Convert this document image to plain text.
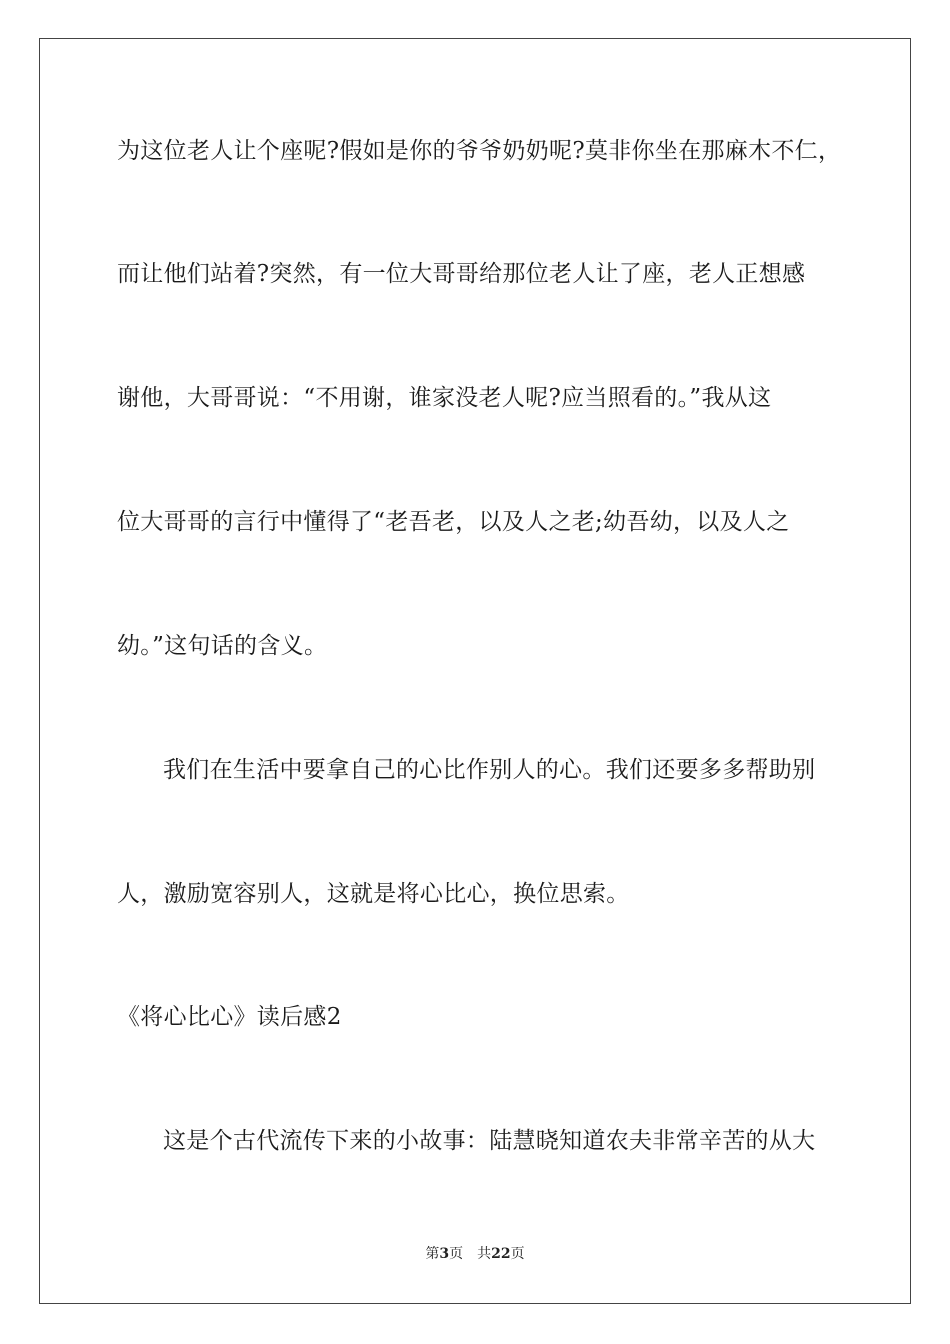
为这位老人让个座呢?假如是你的爷爷奶奶呢?莫非你坐在那麻木不仁，
而让他们站着?突然，有一位大哥哥给那位老人让了座，老人正想感
谢他，大哥哥说：“不用谢，谁家没老人呢?应当照看的。”我从这
位大哥哥的言行中懂得了“老吾老，以及人之老;幼吾幼，以及人之
幼。”这句话的含义。
我们在生活中要拿自己的心比作别人的心。我们还要多多帮助别
人，激励宽容别人，这就是将心比心，换位思索。
《将心比心》读后感2
这是个古代流传下来的小故事：陆慧晓知道农夫非常辛苦的从大
第3页 共22页
